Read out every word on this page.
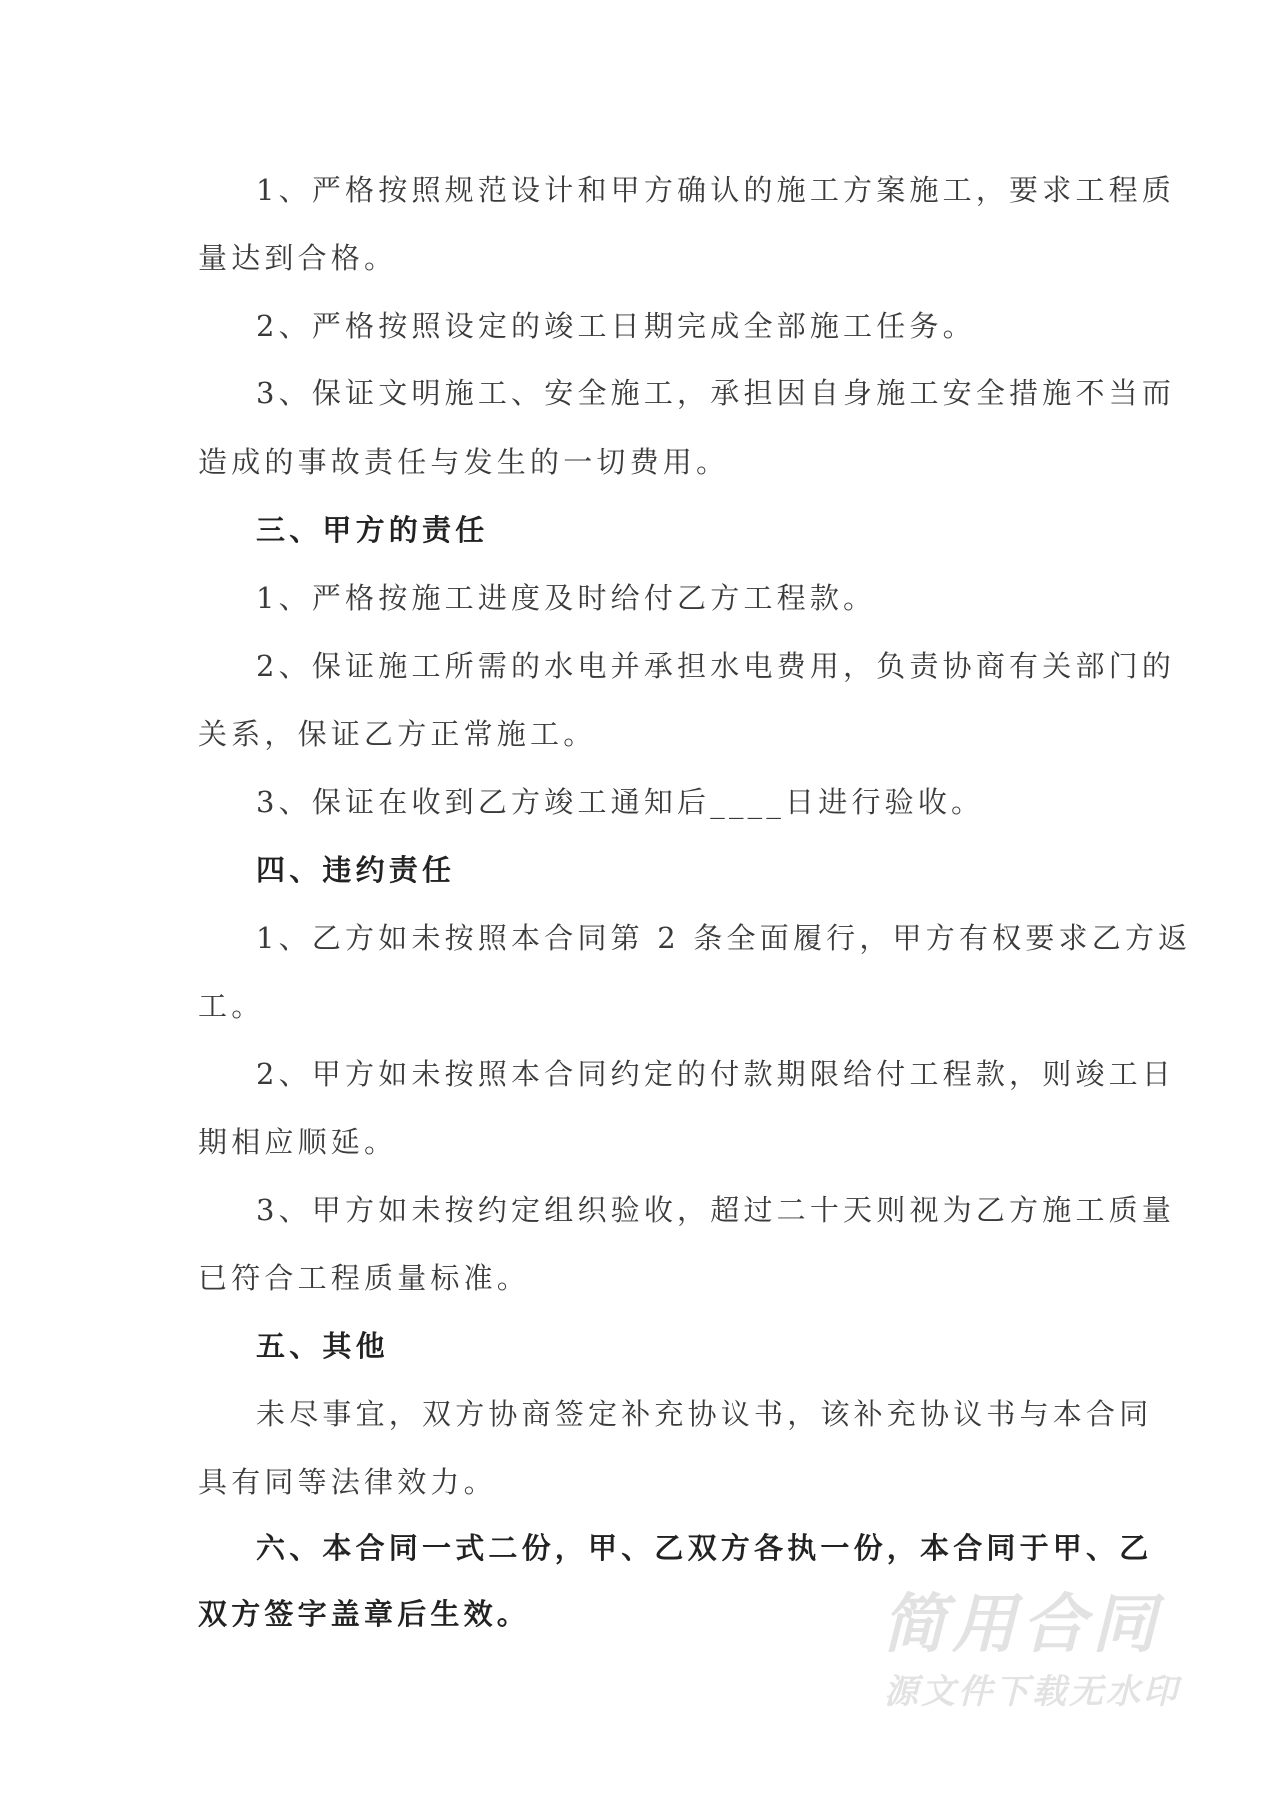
1、严格按照规范设计和甲方确认的施工方案施工，要求工程质
量达到合格。
2、严格按照设定的竣工日期完成全部施工任务。
3、保证文明施工、安全施工，承担因自身施工安全措施不当而
造成的事故责任与发生的一切费用。
三、甲方的责任
1、严格按施工进度及时给付乙方工程款。
2、保证施工所需的水电并承担水电费用，负责协商有关部门的
关系，保证乙方正常施工。
3、保证在收到乙方竣工通知后____日进行验收。
四、违约责任
1、乙方如未按照本合同第 2 条全面履行，甲方有权要求乙方返
工。
2、甲方如未按照本合同约定的付款期限给付工程款，则竣工日
期相应顺延。
3、甲方如未按约定组织验收，超过二十天则视为乙方施工质量
已符合工程质量标准。
五、其他
未尽事宜，双方协商签定补充协议书，该补充协议书与本合同
具有同等法律效力。
六、本合同一式二份，甲、乙双方各执一份，本合同于甲、乙
双方签字盖章后生效。	简用合同
源文件下载无水印
